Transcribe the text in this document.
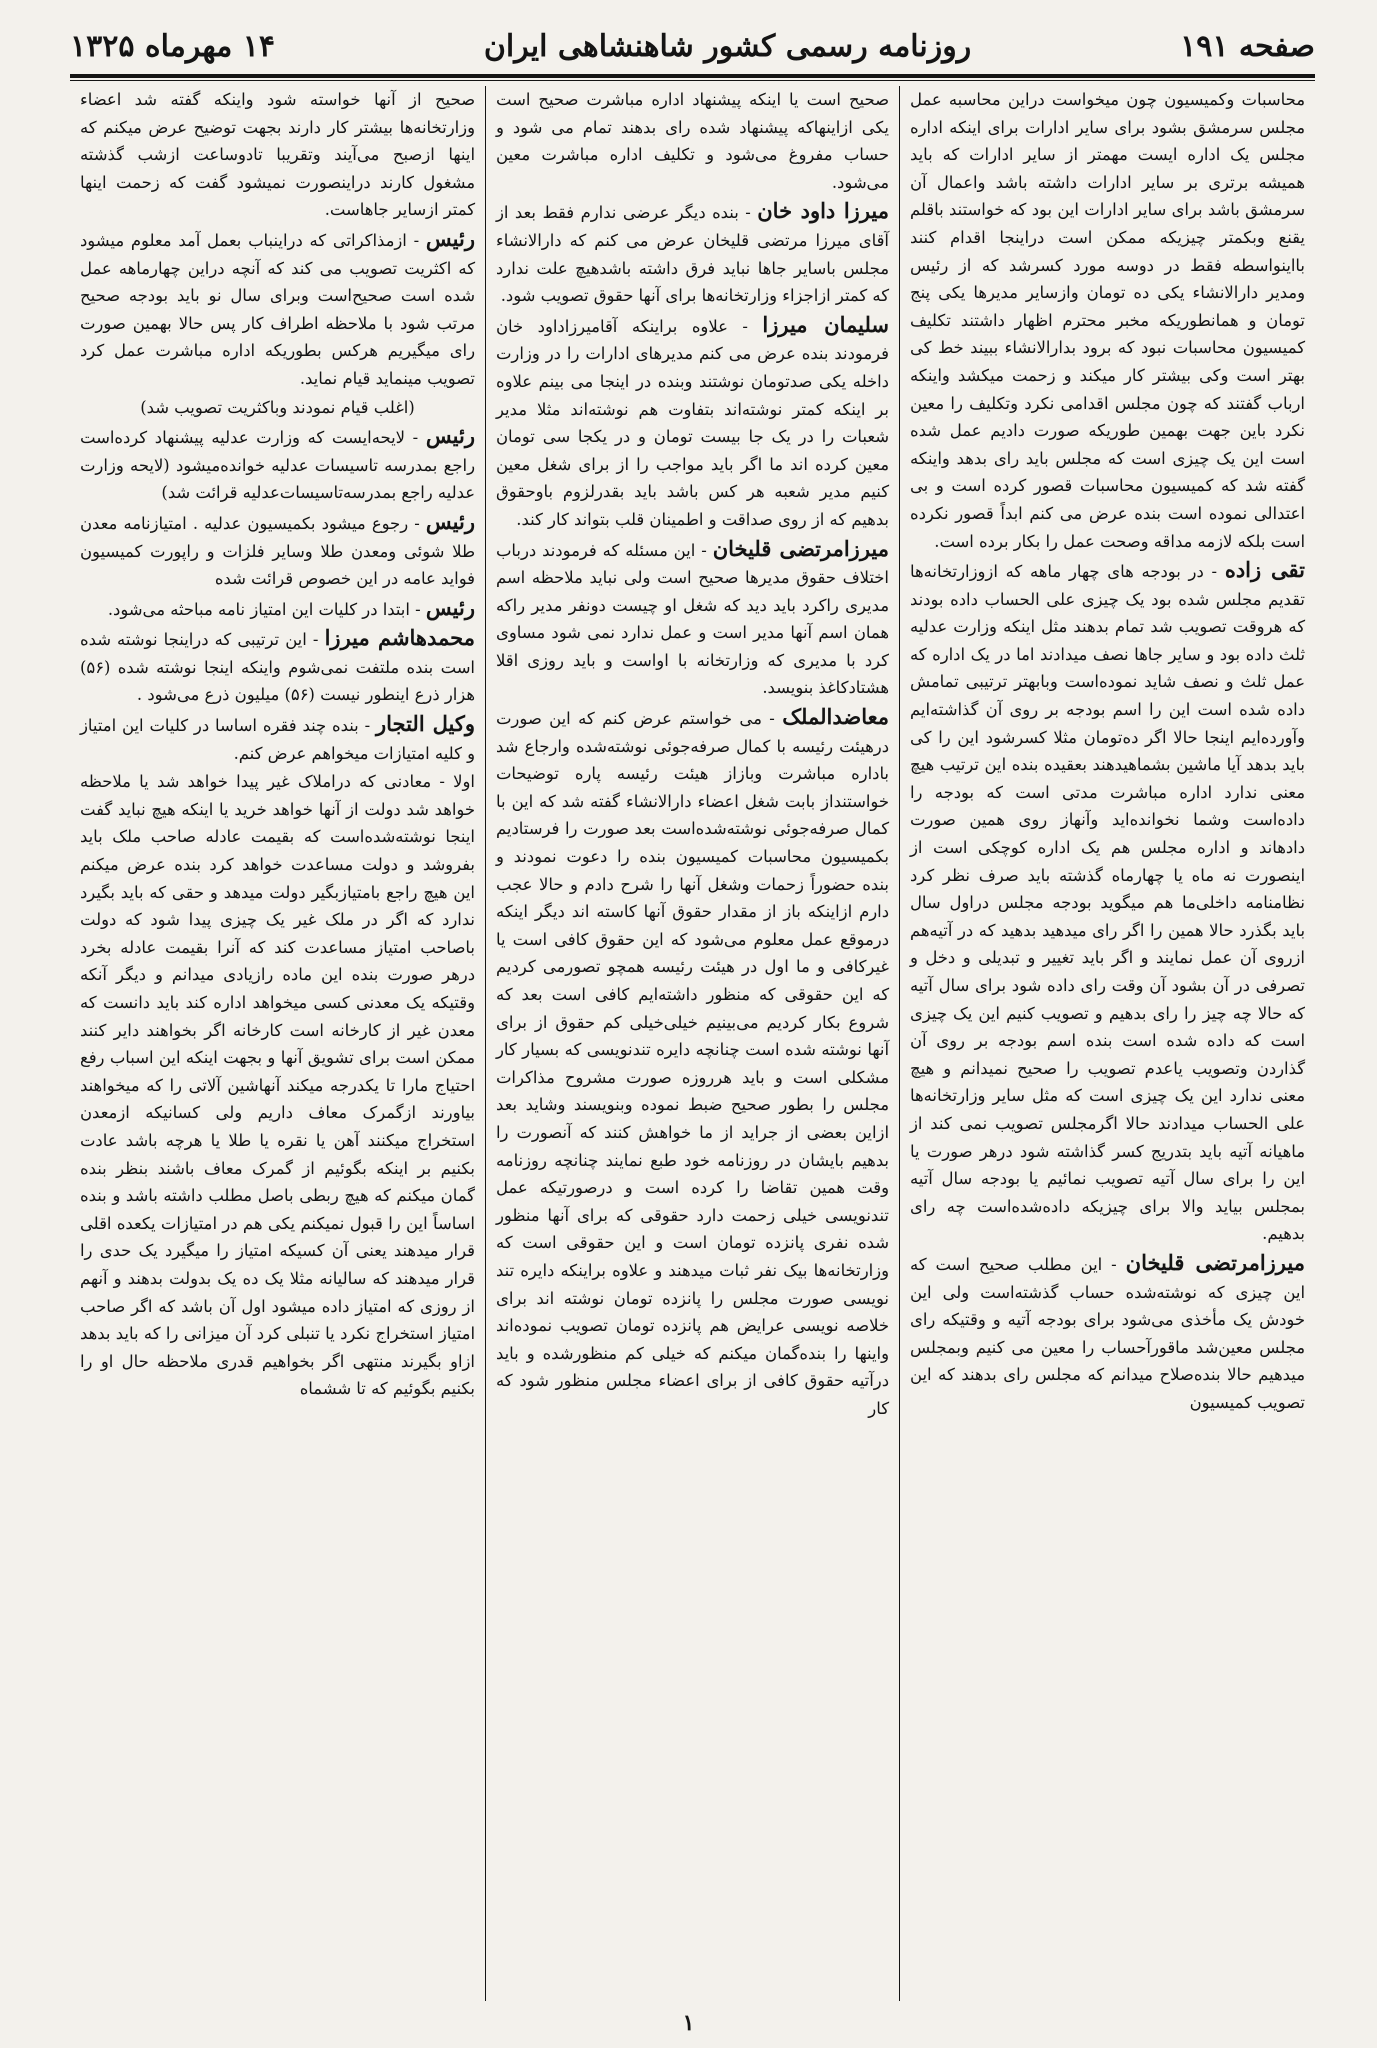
صفحه ۱۹۱
روزنامه رسمی کشور شاهنشاهی ایران
۱۴ مهرماه ۱۳۲۵

محاسبات وکمیسیون چون میخواست دراین محاسبه عمل مجلس سرمشق بشود برای سایر ادارات برای اینکه اداره مجلس یک اداره ایست مهمتر از سایر ادارات که باید همیشه برتری بر سایر ادارات داشته باشد واعمال آن سرمشق باشد برای سایر ادارات این بود که خواستند باقلم یقنع وبکمتر چیزیکه ممکن است دراینجا اقدام کنند بااینواسطه فقط در دوسه مورد کسرشد که از رئیس ومدیر دارالانشاء یکی ده تومان وازسایر مدیرها یکی پنج تومان و همانطوریکه مخبر محترم اظهار داشتند تکلیف کمیسیون محاسبات نبود که برود بدارالانشاء ببیند خط کی بهتر است وکی بیشتر کار میکند و زحمت میکشد واینکه ارباب گفتند که چون مجلس اقدامی نکرد وتکلیف را معین نکرد باین جهت بهمین طوریکه صورت دادیم عمل شده است این یک چیزی است که مجلس باید رای بدهد واینکه گفته شد که کمیسیون محاسبات قصور کرده است و بی اعتدالی نموده است بنده عرض می کنم ابداً قصور نکرده است بلکه لازمه مداقه وصحت عمل را بکار برده است.

تقی زاده - در بودجه های چهار ماهه که ازوزارتخانه‌ها تقدیم مجلس شده بود یک چیزی علی الحساب داده بودند که هروقت تصویب شد تمام بدهند مثل اینکه وزارت عدلیه ثلث داده بود و سایر جاها نصف میدادند اما در یک اداره که عمل ثلث و نصف شاید نموده‌است وبابهتر ترتیبی تمامش داده شده است این را اسم بودجه بر روی آن گذاشته‌ایم وآورده‌ایم اینجا حالا اگر ده‌تومان مثلا کسرشود این را کی باید بدهد آیا ماشین بشماهیدهند بعقیده بنده این ترتیب هیچ معنی ندارد اداره مباشرت مدتی است که بودجه را داده‌است وشما نخوانده‌اید وآنهاز روی همین صورت دادهاند و اداره مجلس هم یک اداره کوچکی است از اینصورت نه ماه یا چهارماه گذشته باید صرف نظر کرد نظامنامه داخلی‌ما هم میگوید بودجه مجلس دراول سال باید بگذرد حالا همین را اگر رای میدهید بدهید که در آتیه‌هم ازروی آن عمل نمایند و اگر باید تغییر و تبدیلی و دخل و تصرفی در آن بشود آن وقت رای داده شود برای سال آتیه که حالا چه چیز را رای بدهیم و تصویب کنیم این یک چیزی است که داده شده است بنده اسم بودجه بر روی آن گذاردن وتصویب یاعدم تصویب را صحیح نمیدانم و هیچ معنی ندارد این یک چیزی است که مثل سایر وزارتخانه‌ها علی الحساب میدادند حالا اگرمجلس تصویب نمی کند از ماهیانه آتیه باید بتدریج کسر گذاشته شود درهر صورت یا این را برای سال آتیه تصویب نمائیم یا بودجه سال آتیه بمجلس بیاید والا برای چیزیکه داده‌شده‌است چه رای بدهیم.

میرزامرتضی قلیخان - این مطلب صحیح است که این چیزی که نوشته‌شده حساب گذشته‌است ولی این خودش یک مأخذی می‌شود برای بودجه آتیه و وقتیکه رای مجلس معین‌شد ماقورآحساب را معین می کنیم وبمجلس میدهیم حالا بنده‌صلاح میدانم که مجلس رای بدهند که این تصویب کمیسیون

صحیح است یا اینکه پیشنهاد اداره مباشرت صحیح است یکی ازاینهاکه پیشنهاد شده رای بدهند تمام می شود و حساب مفروغ می‌شود و تکلیف اداره مباشرت معین می‌شود.

میرزا داود خان - بنده دیگر عرضی ندارم فقط بعد از آقای میرزا مرتضی قلیخان عرض می کنم که دارالانشاء مجلس باسایر جاها نباید فرق داشته باشدهیچ علت ندارد که کمتر ازاجزاء وزارتخانه‌ها برای آنها حقوق تصویب شود.

سلیمان میرزا - علاوه براینکه آقامیرزاداود خان فرمودند بنده عرض می کنم مدیرهای ادارات را در وزارت داخله یکی صدتومان نوشتند وبنده در اینجا می بینم علاوه بر اینکه کمتر نوشته‌اند بتفاوت هم نوشته‌اند مثلا مدیر شعبات را در یک جا بیست تومان و در یکجا سی تومان معین کرده اند ما اگر باید مواجب را از برای شغل معین کنیم مدیر شعبه هر کس باشد باید بقدرلزوم باوحقوق بدهیم که از روی صداقت و اطمینان قلب بتواند کار کند.

میرزامرتضی قلیخان - این مسئله که فرمودند درباب اختلاف حقوق مدیرها صحیح است ولی نباید ملاحظه اسم مدیری راکرد باید دید که شغل او چیست دونفر مدیر راکه همان اسم آنها مدیر است و عمل ندارد نمی شود مساوی کرد با مدیری که وزارتخانه با اواست و باید روزی اقلا هشتادکاغذ بنویسد.

معاضدالملک - می خواستم عرض کنم که این صورت درهیئت رئیسه با کمال صرفه‌جوئی نوشته‌شده وارجاع شد باداره مباشرت وبازاز هیئت رئیسه پاره توضیحات خواستنداز بابت شغل اعضاء دارالانشاء گفته شد که این با کمال صرفه‌جوئی نوشته‌شده‌است بعد صورت را فرستادیم بکمیسیون محاسبات کمیسیون بنده را دعوت نمودند و بنده حضوراً زحمات وشغل آنها را شرح دادم و حالا عجب دارم ازاینکه باز از مقدار حقوق آنها کاسته اند دیگر اینکه درموقع عمل معلوم می‌شود که این حقوق کافی است یا غیرکافی و ما اول در هیئت رئیسه همچو تصورمی کردیم که این حقوقی که منظور داشته‌ایم کافی است بعد که شروع بکار کردیم می‌بینیم خیلی‌خیلی کم حقوق از برای آنها نوشته شده است چنانچه دایره تندنویسی که بسیار کار مشکلی است و باید هرروزه صورت مشروح مذاکرات مجلس را بطور صحیح ضبط نموده وبنویسند وشاید بعد ازاین بعضی از جراید از ما خواهش کنند که آنصورت را بدهیم بایشان در روزنامه خود طبع نمایند چنانچه روزنامه وقت همین تقاضا را کرده است و درصورتیکه عمل تندنویسی خیلی زحمت دارد حقوقی که برای آنها منظور شده نفری پانزده تومان است و این حقوقی است که وزارتخانه‌ها بیک نفر ثبات میدهند و علاوه براینکه دایره تند نویسی صورت مجلس را پانزده تومان نوشته اند برای خلاصه نویسی عرایض هم پانزده تومان تصویب نموده‌اند واینها را بنده‌گمان میکنم که خیلی کم منظورشده و باید درآتیه حقوق کافی از برای اعضاء مجلس منظور شود که کار

صحیح از آنها خواسته شود واینکه گفته شد اعضاء وزارتخانه‌ها بیشتر کار دارند بجهت توضیح عرض میکنم که اینها ازصبح می‌آیند وتقریبا تادوساعت ازشب گذشته مشغول کارند دراینصورت نمیشود گفت که زحمت اینها کمتر ازسایر جاهاست.

رئیس - ازمذاکراتی که دراینباب بعمل آمد معلوم میشود که اکثریت تصویب می کند که آنچه دراین چهارماهه عمل شده است صحیح‌است وبرای سال نو باید بودجه صحیح مرتب شود با ملاحظه اطراف کار پس حالا بهمین صورت رای میگیریم هرکس بطوریکه اداره مباشرت عمل کرد تصویب مینماید قیام نماید.

(اغلب قیام نمودند وباکثریت تصویب شد)

رئیس - لایحه‌ایست که وزارت عدلیه پیشنهاد کرده‌است راجع بمدرسه تاسیسات عدلیه خوانده‌میشود (لایحه وزارت عدلیه راجع بمدرسه‌تاسیسات‌عدلیه قرائت شد)

رئیس - رجوع میشود بکمیسیون عدلیه . امتیازنامه معدن طلا شوئی ومعدن طلا وسایر فلزات و راپورت کمیسیون فواید عامه در این خصوص قرائت شده

رئیس - ابتدا در کلیات این امتیاز نامه مباحثه می‌شود.

محمدهاشم میرزا - این ترتیبی که دراینجا نوشته شده است بنده ملتفت نمی‌شوم واینکه اینجا نوشته شده (۵۶) هزار ذرع اینطور نیست (۵۶) میلیون ذرع می‌شود .

وکیل التجار - بنده چند فقره اساسا در کلیات این امتیاز و کلیه امتیازات میخواهم عرض کنم.

اولا - معادنی که دراملاک غیر پیدا خواهد شد یا ملاحظه خواهد شد دولت از آنها خواهد خرید یا اینکه هیچ نباید گفت اینجا نوشته‌شده‌است که بقیمت عادله صاحب ملک باید بفروشد و دولت مساعدت خواهد کرد بنده عرض میکنم این هیچ راجع بامتیازبگیر دولت میدهد و حقی که باید بگیرد ندارد که اگر در ملک غیر یک چیزی پیدا شود که دولت باصاحب امتیاز مساعدت کند که آنرا بقیمت عادله بخرد درهر صورت بنده این ماده رازیادی میدانم و دیگر آنکه وقتیکه یک معدنی کسی میخواهد اداره کند باید دانست که معدن غیر از کارخانه است کارخانه اگر بخواهند دایر کنند ممکن است برای تشویق آنها و بجهت اینکه این اسباب رفع احتیاج مارا تا یکدرجه میکند آنهاشین آلاتی را که میخواهند بیاورند ازگمرک معاف داریم ولی کسانیکه ازمعدن استخراج میکنند آهن یا نقره یا طلا یا هرچه باشد عادت بکنیم بر اینکه بگوئیم از گمرک معاف باشند بنظر بنده گمان میکنم که هیچ ربطی باصل مطلب داشته باشد و بنده اساساً این را قبول نمیکنم یکی هم در امتیازات یکعده اقلی قرار میدهند یعنی آن کسیکه امتیاز را میگیرد یک حدی را قرار میدهند که سالیانه مثلا یک ده یک بدولت بدهند و آنهم از روزی که امتیاز داده میشود اول آن باشد که اگر صاحب امتیاز استخراج نکرد یا تنبلی کرد آن میزانی را که باید بدهد ازاو بگیرند منتهی اگر بخواهیم قدری ملاحظه حال او را بکنیم بگوئیم که تا ششماه

۱
